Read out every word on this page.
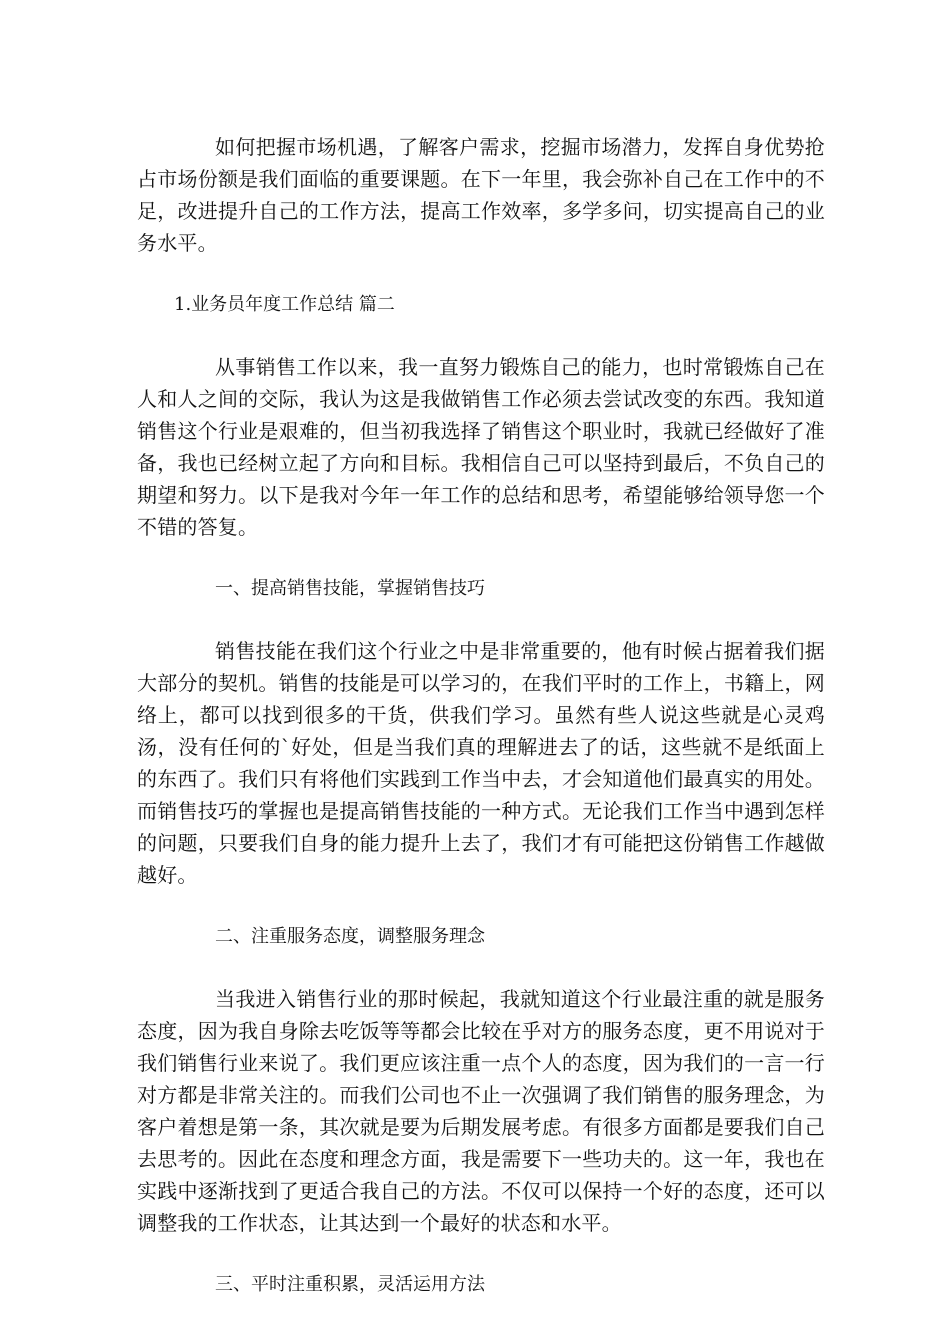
如何把握市场机遇，了解客户需求，挖掘市场潜力，发挥自身优势抢占市场份额是我们面临的重要课题。在下一年里，我会弥补自己在工作中的不足，改进提升自己的工作方法，提高工作效率，多学多问，切实提高自己的业务水平。

1.业务员年度工作总结 篇二

从事销售工作以来，我一直努力锻炼自己的能力，也时常锻炼自己在人和人之间的交际，我认为这是我做销售工作必须去尝试改变的东西。我知道销售这个行业是艰难的，但当初我选择了销售这个职业时，我就已经做好了准备，我也已经树立起了方向和目标。我相信自己可以坚持到最后，不负自己的期望和努力。以下是我对今年一年工作的总结和思考，希望能够给领导您一个不错的答复。

一、提高销售技能，掌握销售技巧

销售技能在我们这个行业之中是非常重要的，他有时候占据着我们据大部分的契机。销售的技能是可以学习的，在我们平时的工作上，书籍上，网络上，都可以找到很多的干货，供我们学习。虽然有些人说这些就是心灵鸡汤，没有任何的`好处，但是当我们真的理解进去了的话，这些就不是纸面上的东西了。我们只有将他们实践到工作当中去，才会知道他们最真实的用处。而销售技巧的掌握也是提高销售技能的一种方式。无论我们工作当中遇到怎样的问题，只要我们自身的能力提升上去了，我们才有可能把这份销售工作越做越好。

二、注重服务态度，调整服务理念

当我进入销售行业的那时候起，我就知道这个行业最注重的就是服务态度，因为我自身除去吃饭等等都会比较在乎对方的服务态度，更不用说对于我们销售行业来说了。我们更应该注重一点个人的态度，因为我们的一言一行对方都是非常关注的。而我们公司也不止一次强调了我们销售的服务理念，为客户着想是第一条，其次就是要为后期发展考虑。有很多方面都是要我们自己去思考的。因此在态度和理念方面，我是需要下一些功夫的。这一年，我也在实践中逐渐找到了更适合我自己的方法。不仅可以保持一个好的态度，还可以调整我的工作状态，让其达到一个最好的状态和水平。

三、平时注重积累，灵活运用方法
